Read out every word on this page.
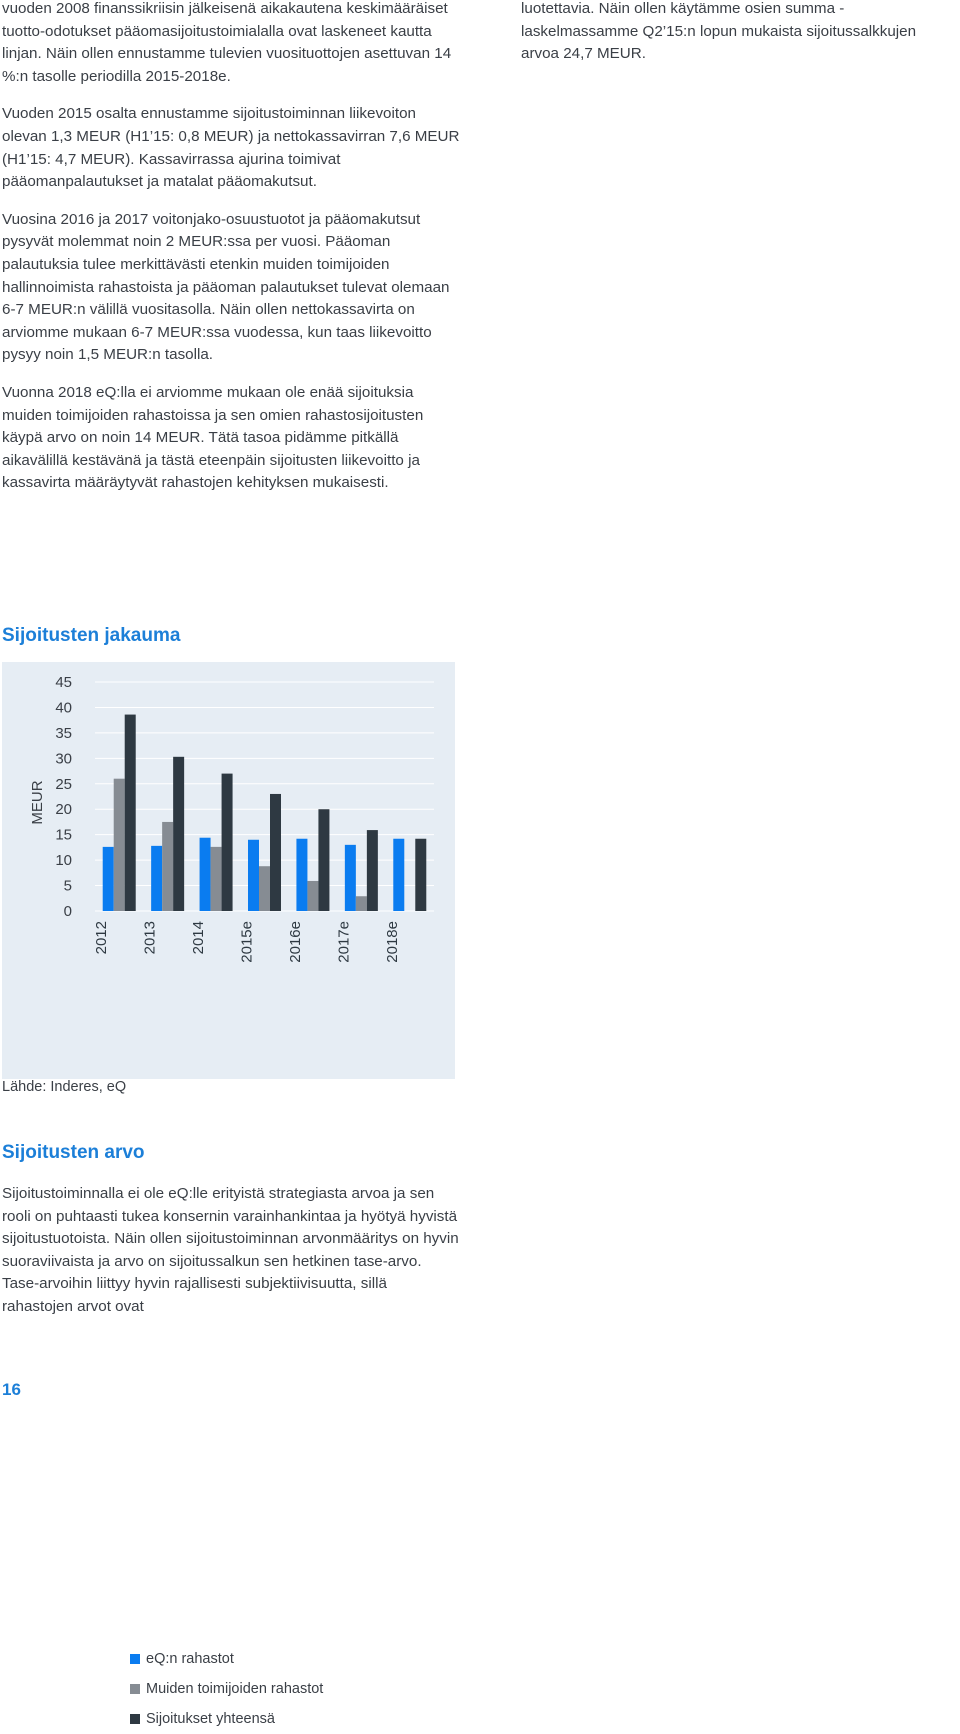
vuoden 2008 finanssikriisin jälkeisenä aikakautena keskimääräiset tuotto-odotukset pääomasijoitustoimialalla ovat laskeneet kautta linjan. Näin ollen ennustamme tulevien vuosituottojen asettuvan 14 %:n tasolle periodilla 2015-2018e.

Vuoden 2015 osalta ennustamme sijoitustoiminnan liikevoiton olevan 1,3 MEUR (H1’15: 0,8 MEUR) ja nettokassavirran 7,6 MEUR (H1’15: 4,7 MEUR). Kassavirrassa ajurina toimivat pääomanpalautukset ja matalat pääomakutsut.

Vuosina 2016 ja 2017 voitonjako-osuustuotot ja pääomakutsut pysyvät molemmat noin 2 MEUR:ssa per vuosi. Pääoman palautuksia tulee merkittävästi etenkin muiden toimijoiden hallinnoimista rahastoista ja pääoman palautukset tulevat olemaan 6-7 MEUR:n välillä vuositasolla. Näin ollen nettokassavirta on arviomme mukaan 6-7 MEUR:ssa vuodessa, kun taas liikevoitto pysyy noin 1,5 MEUR:n tasolla.

Vuonna 2018 eQ:lla ei arviomme mukaan ole enää sijoituksia muiden toimijoiden rahastoissa ja sen omien rahastosijoitusten käypä arvo on noin 14 MEUR. Tätä tasoa pidämme pitkällä aikavälillä kestävänä ja tästä eteenpäin sijoitusten liikevoitto ja kassavirta määräytyvät rahastojen kehityksen mukaisesti.

luotettavia. Näin ollen käytämme osien summa -laskelmassamme Q2’15:n lopun mukaista sijoitussalkkujen arvoa 24,7 MEUR.

Sijoitusten jakauma
0
5
10
15
20
25
30
35
40
45
MEUR
2012 2013 2014 2015e 2016e 2017e 2018e
eQ:n rahastot
Muiden toimijoiden rahastot
Sijoitukset yhteensä
Lähde: Inderes, eQ
Sijoitusten arvo

Sijoitustoiminnalla ei ole eQ:lle erityistä strategiasta arvoa ja sen rooli on puhtaasti tukea konsernin varainhankintaa ja hyötyä hyvistä sijoitustuotoista. Näin ollen sijoitustoiminnan arvonmääritys on hyvin suoraviivaista ja arvo on sijoitussalkun sen hetkinen tase-arvo. Tase-arvoihin liittyy hyvin rajallisesti subjektiivisuutta, sillä rahastojen arvot ovat

16
